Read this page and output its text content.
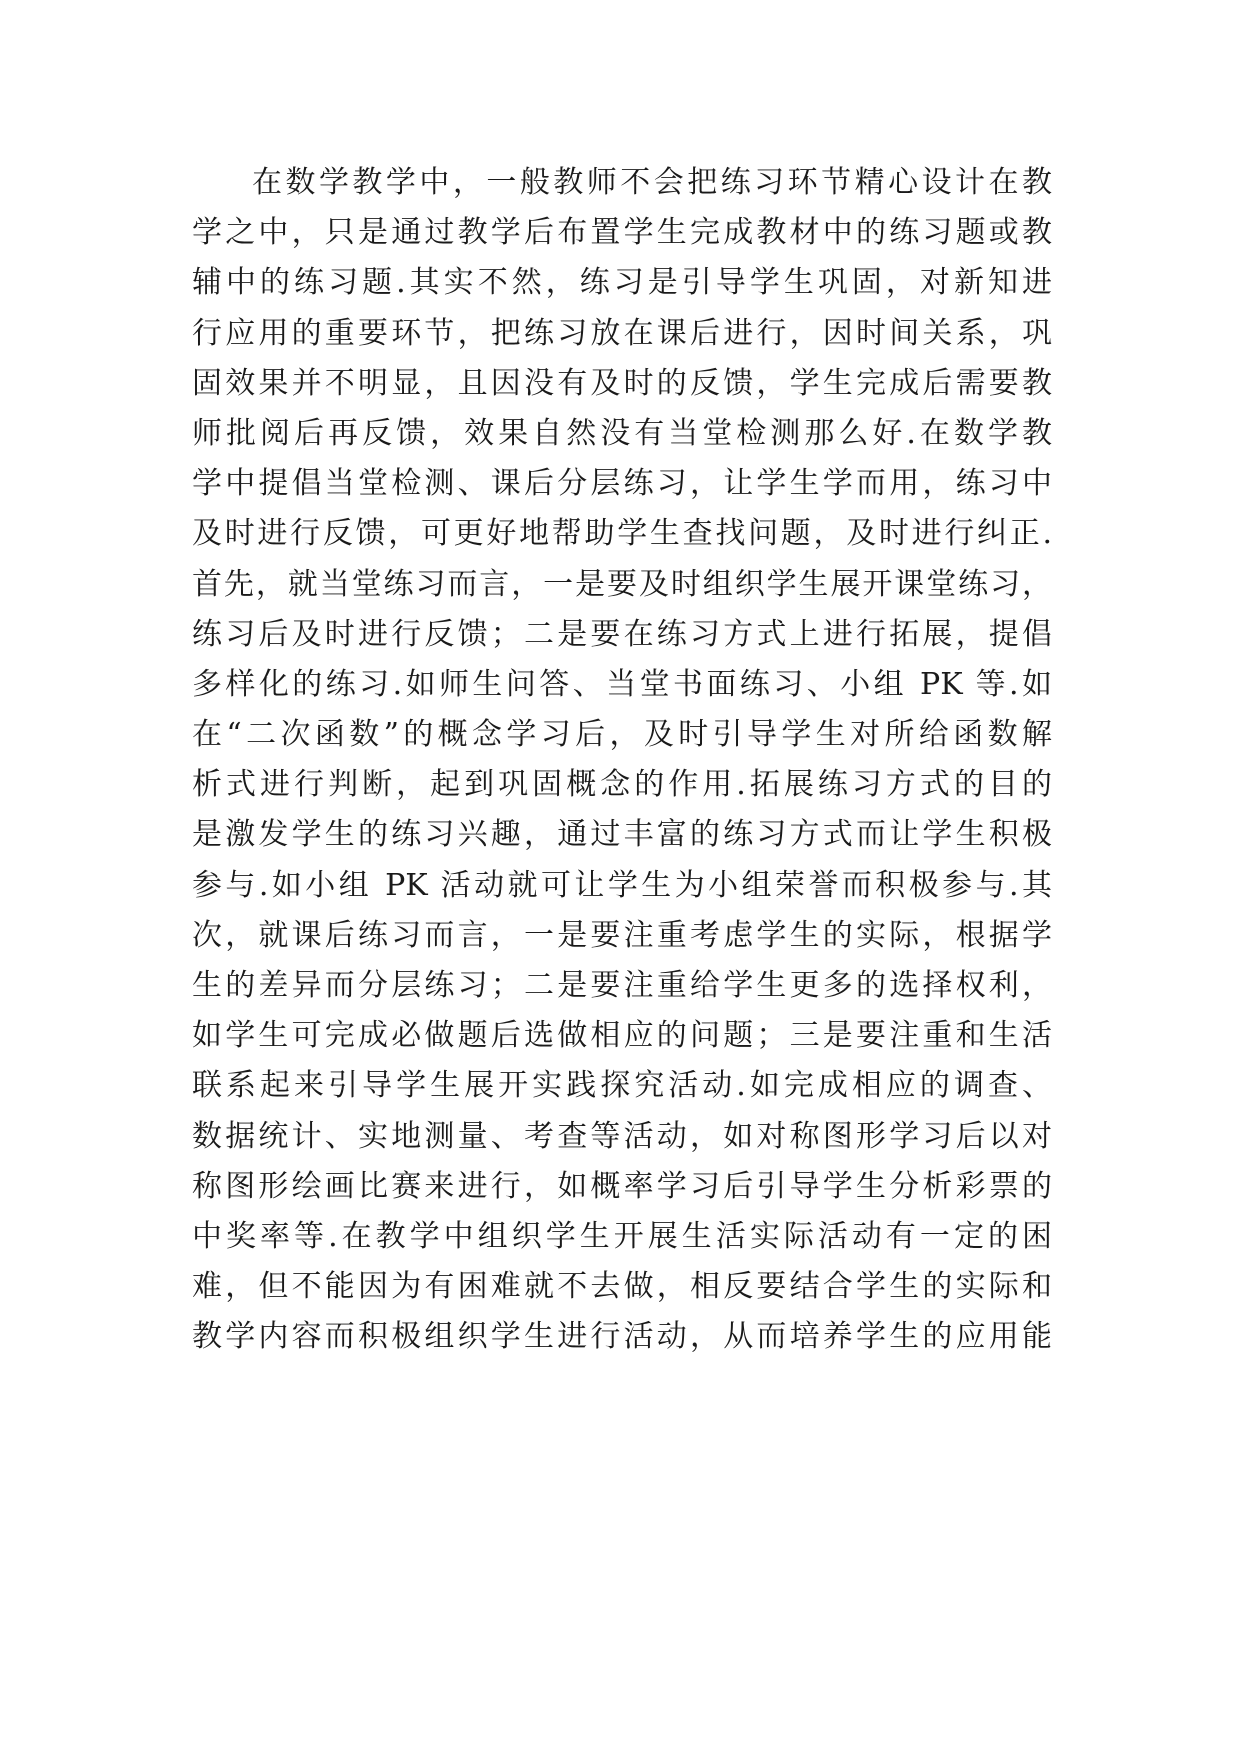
在数学教学中，一般教师不会把练习环节精心设计在教
学之中，只是通过教学后布置学生完成教材中的练习题或教
辅中的练习题.其实不然，练习是引导学生巩固，对新知进
行应用的重要环节，把练习放在课后进行，因时间关系，巩
固效果并不明显，且因没有及时的反馈，学生完成后需要教
师批阅后再反馈，效果自然没有当堂检测那么好.在数学教
学中提倡当堂检测、课后分层练习，让学生学而用，练习中
及时进行反馈，可更好地帮助学生查找问题，及时进行纠正.
首先，就当堂练习而言，一是要及时组织学生展开课堂练习，
练习后及时进行反馈；二是要在练习方式上进行拓展，提倡
多样化的练习.如师生问答、当堂书面练习、小组 PK 等.如
在“二次函数”的概念学习后，及时引导学生对所给函数解
析式进行判断，起到巩固概念的作用.拓展练习方式的目的
是激发学生的练习兴趣，通过丰富的练习方式而让学生积极
参与.如小组 PK 活动就可让学生为小组荣誉而积极参与.其
次，就课后练习而言，一是要注重考虑学生的实际，根据学
生的差异而分层练习；二是要注重给学生更多的选择权利，
如学生可完成必做题后选做相应的问题；三是要注重和生活
联系起来引导学生展开实践探究活动.如完成相应的调查、
数据统计、实地测量、考查等活动，如对称图形学习后以对
称图形绘画比赛来进行，如概率学习后引导学生分析彩票的
中奖率等.在教学中组织学生开展生活实际活动有一定的困
难，但不能因为有困难就不去做，相反要结合学生的实际和
教学内容而积极组织学生进行活动，从而培养学生的应用能
